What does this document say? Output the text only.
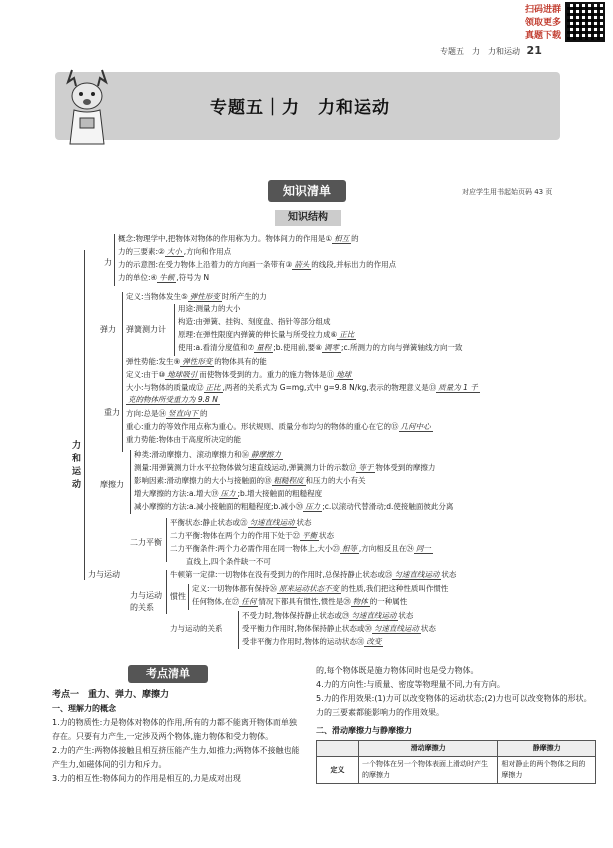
扫码进群
领取更多
真题下载
专题五　力　力和运动 21
专题五｜力　力和运动
知识清单
知识结构
对应学生用书起始页码 43 页
力和运动
力
概念:物理学中,把物体对物体的作用称为力。物体间力的作用是① 相互 的
力的三要素:② 大小 ,方向和作用点
力的示意图:在受力物体上沿着力的方向画一条带有③ 箭头 的线段,并标出力的作用点
力的单位:④ 牛顿 ,符号为 N
弹力
定义:当物体发生⑤ 弹性形变 时所产生的力
弹簧测力计
用途:测量力的大小
构造:由弹簧、挂钩、刻度盘、指针等部分组成
原理:在弹性限度内弹簧的伸长量与所受拉力成⑥ 正比
使用:a.看清分度值和⑦ 量程 ;b.使用前,要⑧ 调零 ;c.所测力的方向与弹簧轴线方向一致
弹性势能:发生⑨ 弹性形变 的物体具有的能
重力
定义:由于⑩ 地球吸引 而使物体受到的力。重力的施力物体是⑪ 地球
大小:与物体的质量成⑫ 正比 ,两者的关系式为 G=mg,式中 g=9.8 N/kg,表示的物理意义是⑬ 质量为 1 千
克的物体所受重力为 9.8 N
方向:总是⑭ 竖直向下 的
重心:重力的等效作用点称为重心。形状规则、质量分布均匀的物体的重心在它的⑮ 几何中心
重力势能:物体由于高度所决定的能
摩擦力
种类:滑动摩擦力、滚动摩擦力和⑯ 静摩擦力
测量:用弹簧测力计水平拉物体做匀速直线运动,弹簧测力计的示数⑰ 等于 物体受到的摩擦力
影响因素:滑动摩擦力的大小与接触面的⑱ 粗糙程度 和压力的大小有关
增大摩擦的方法:a.增大⑲ 压力 ;b.增大接触面的粗糙程度
减小摩擦的方法:a.减小接触面的粗糙程度;b.减小⑳ 压力 ;c.以滚动代替滑动;d.使接触面彼此分离
力与运动
二力平衡
平衡状态:静止状态或㉑ 匀速直线运动 状态
二力平衡:物体在两个力的作用下处于㉒ 平衡 状态
二力平衡条件:两个力必需作用在同一物体上,大小㉓ 相等 ,方向相反且在㉔ 同一
直线上,四个条件缺一不可
力与运动的关系
牛顿第一定律:一切物体在没有受到力的作用时,总保持静止状态或㉕ 匀速直线运动 状态
惯性
定义:一切物体都有保持㉖ 原来运动状态不变 的性质,我们把这种性质叫作惯性
任何物体,在㉗ 任何 情况下都具有惯性,惯性是㉘ 物体 的一种属性
力与运动的关系
不受力时,物体保持静止状态或㉙ 匀速直线运动 状态
受平衡力作用时,物体保持静止状态或㉚ 匀速直线运动 状态
受非平衡力作用时,物体的运动状态㉛ 改变
考点清单

考点一　重力、弹力、摩擦力

一、理解力的概念

1.力的物质性:力是物体对物体的作用,所有的力都不能离开物体而单独存在。只要有力产生,一定涉及两个物体,施力物体和受力物体。

2.力的产生:两物体接触且相互挤压能产生力,如推力;两物体不接触也能产生力,如磁体间的引力和斥力。

3.力的相互性:物体间力的作用是相互的,力是成对出现

的,每个物体既是施力物体同时也是受力物体。

4.力的方向性:与质量、密度等物理量不同,力有方向。

5.力的作用效果:(1)力可以改变物体的运动状态;(2)力也可以改变物体的形状。力的三要素都能影响力的作用效果。

二、滑动摩擦力与静摩擦力

	滑动摩擦力	静摩擦力
定义	一个物体在另一个物体表面上滑动时产生的摩擦力	相对静止的两个物体之间的摩擦力
